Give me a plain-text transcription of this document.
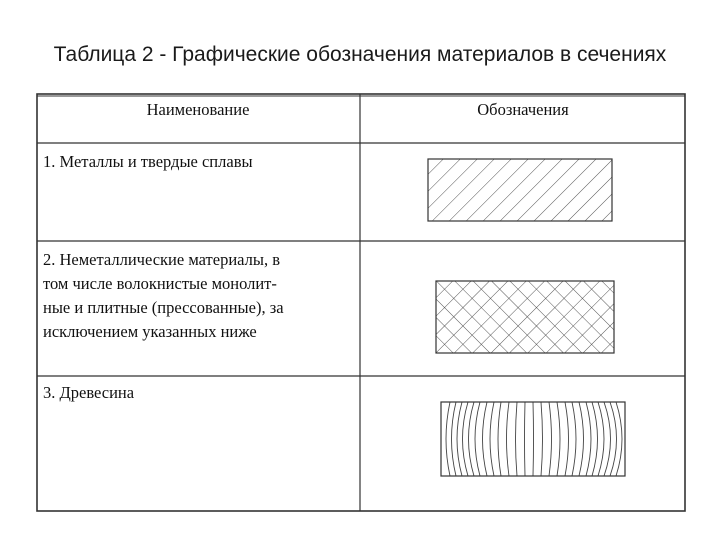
Таблица 2 - Графические обозначения материалов в сечениях
Наименование	Обозначения
1. Металлы и твердые сплавы
2. Неметаллические материалы, в
том числе волокнистые монолит-
ные и плитные (прессованные), за
исключением указанных ниже
3. Древесина
